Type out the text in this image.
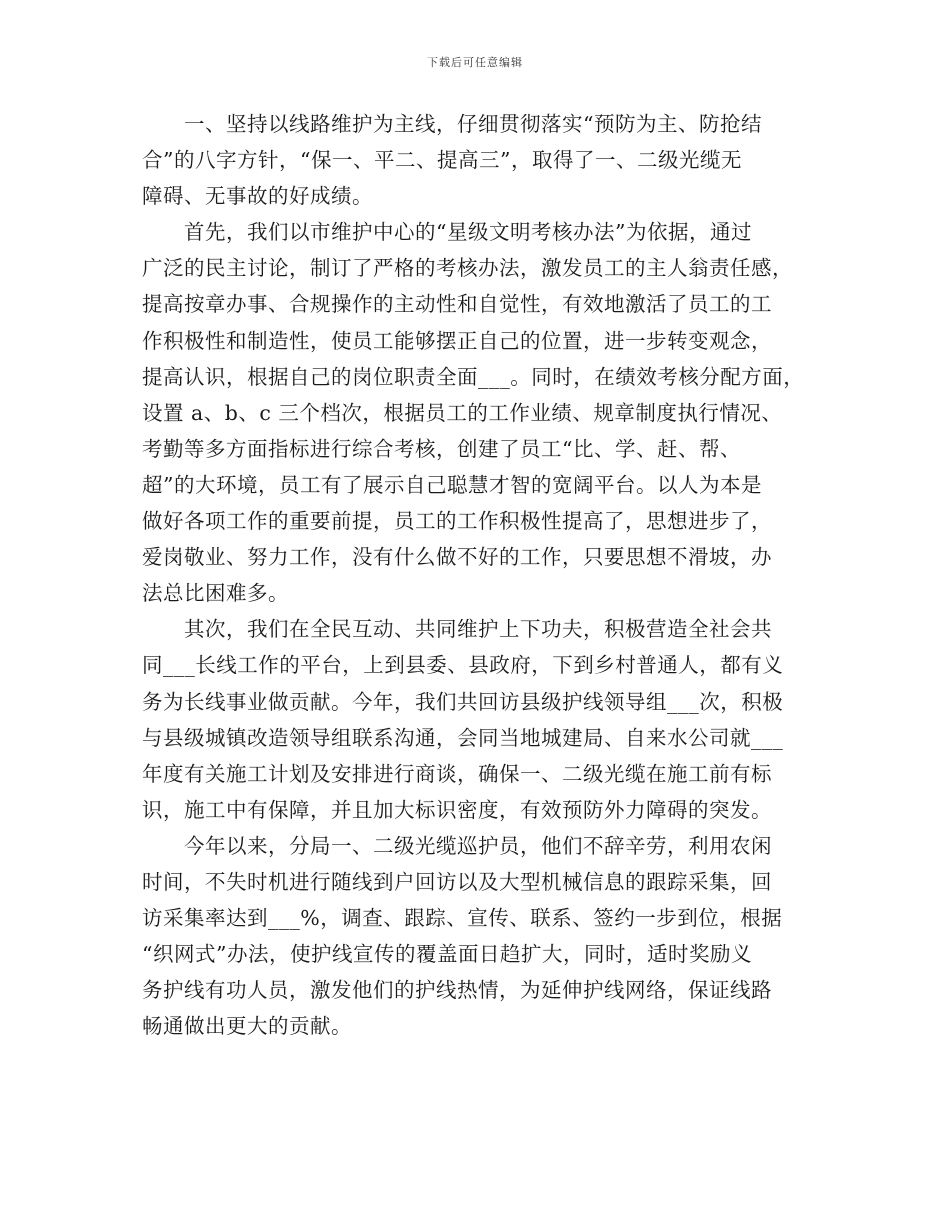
下载后可任意编辑
一、坚持以线路维护为主线，仔细贯彻落实“预防为主、防抢结
合”的八字方针，“保一、平二、提高三”，取得了一、二级光缆无
障碍、无事故的好成绩。
首先，我们以市维护中心的“星级文明考核办法”为依据，通过
广泛的民主讨论，制订了严格的考核办法，激发员工的主人翁责任感，
提高按章办事、合规操作的主动性和自觉性，有效地激活了员工的工
作积极性和制造性，使员工能够摆正自己的位置，进一步转变观念，
提高认识，根据自己的岗位职责全面___。同时，在绩效考核分配方面，
设置 a、b、c 三个档次，根据员工的工作业绩、规章制度执行情况、
考勤等多方面指标进行综合考核，创建了员工“比、学、赶、帮、
超”的大环境，员工有了展示自己聪慧才智的宽阔平台。以人为本是
做好各项工作的重要前提，员工的工作积极性提高了，思想进步了，
爱岗敬业、努力工作，没有什么做不好的工作，只要思想不滑坡，办
法总比困难多。
其次，我们在全民互动、共同维护上下功夫，积极营造全社会共
同___长线工作的平台，上到县委、县政府，下到乡村普通人，都有义
务为长线事业做贡献。今年，我们共回访县级护线领导组___次，积极
与县级城镇改造领导组联系沟通，会同当地城建局、自来水公司就___
年度有关施工计划及安排进行商谈，确保一、二级光缆在施工前有标
识，施工中有保障，并且加大标识密度，有效预防外力障碍的突发。
今年以来，分局一、二级光缆巡护员，他们不辞辛劳，利用农闲
时间，不失时机进行随线到户回访以及大型机械信息的跟踪采集，回
访采集率达到___%，调查、跟踪、宣传、联系、签约一步到位，根据
“织网式”办法，使护线宣传的覆盖面日趋扩大，同时，适时奖励义
务护线有功人员，激发他们的护线热情，为延伸护线网络，保证线路
畅通做出更大的贡献。
